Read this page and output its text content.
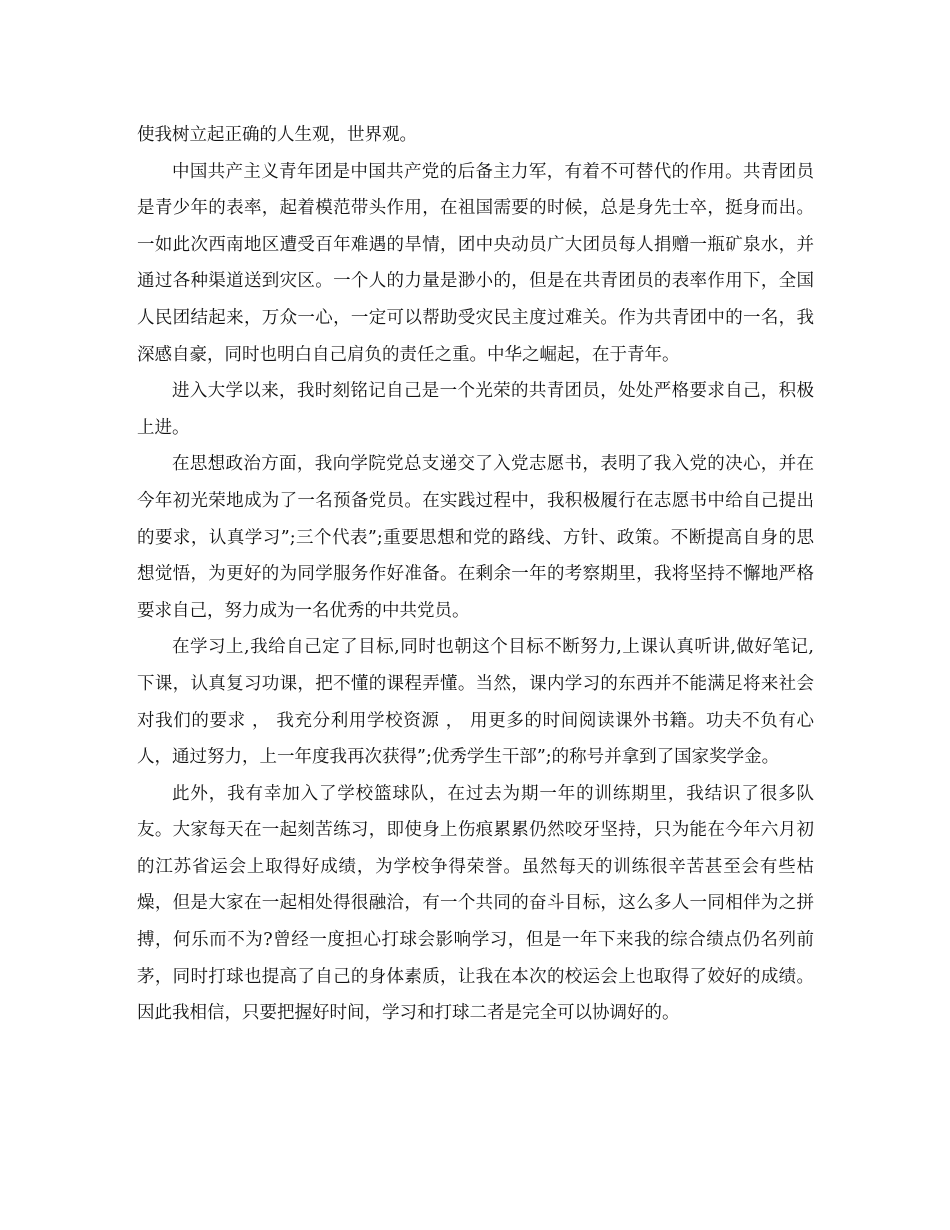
使我树立起正确的人生观，世界观。

中国共产主义青年团是中国共产党的后备主力军，有着不可替代的作用。共青团员是青少年的表率，起着模范带头作用，在祖国需要的时候，总是身先士卒，挺身而出。一如此次西南地区遭受百年难遇的旱情，团中央动员广大团员每人捐赠一瓶矿泉水，并通过各种渠道送到灾区。一个人的力量是渺小的，但是在共青团员的表率作用下，全国人民团结起来，万众一心，一定可以帮助受灾民主度过难关。作为共青团中的一名，我深感自豪，同时也明白自己肩负的责任之重。中华之崛起，在于青年。

进入大学以来，我时刻铭记自己是一个光荣的共青团员，处处严格要求自己，积极上进。

在思想政治方面，我向学院党总支递交了入党志愿书，表明了我入党的决心，并在今年初光荣地成为了一名预备党员。在实践过程中，我积极履行在志愿书中给自己提出的要求，认真学习”;三个代表”;重要思想和党的路线、方针、政策。不断提高自身的思想觉悟，为更好的为同学服务作好准备。在剩余一年的考察期里，我将坚持不懈地严格要求自己，努力成为一名优秀的中共党员。

在学习上,我给自己定了目标,同时也朝这个目标不断努力,上课认真听讲,做好笔记, 下课，认真复习功课，把不懂的课程弄懂。当然，课内学习的东西并不能满足将来社会对我们的要求 ， 我充分利用学校资源 ， 用更多的时间阅读课外书籍。功夫不负有心人，通过努力，上一年度我再次获得”;优秀学生干部”;的称号并拿到了国家奖学金。

此外，我有幸加入了学校篮球队，在过去为期一年的训练期里，我结识了很多队友。大家每天在一起刻苦练习，即使身上伤痕累累仍然咬牙坚持，只为能在今年六月初的江苏省运会上取得好成绩，为学校争得荣誉。虽然每天的训练很辛苦甚至会有些枯燥，但是大家在一起相处得很融洽，有一个共同的奋斗目标，这么多人一同相伴为之拼搏，何乐而不为?曾经一度担心打球会影响学习，但是一年下来我的综合绩点仍名列前茅，同时打球也提高了自己的身体素质，让我在本次的校运会上也取得了姣好的成绩。因此我相信，只要把握好时间，学习和打球二者是完全可以协调好的。
